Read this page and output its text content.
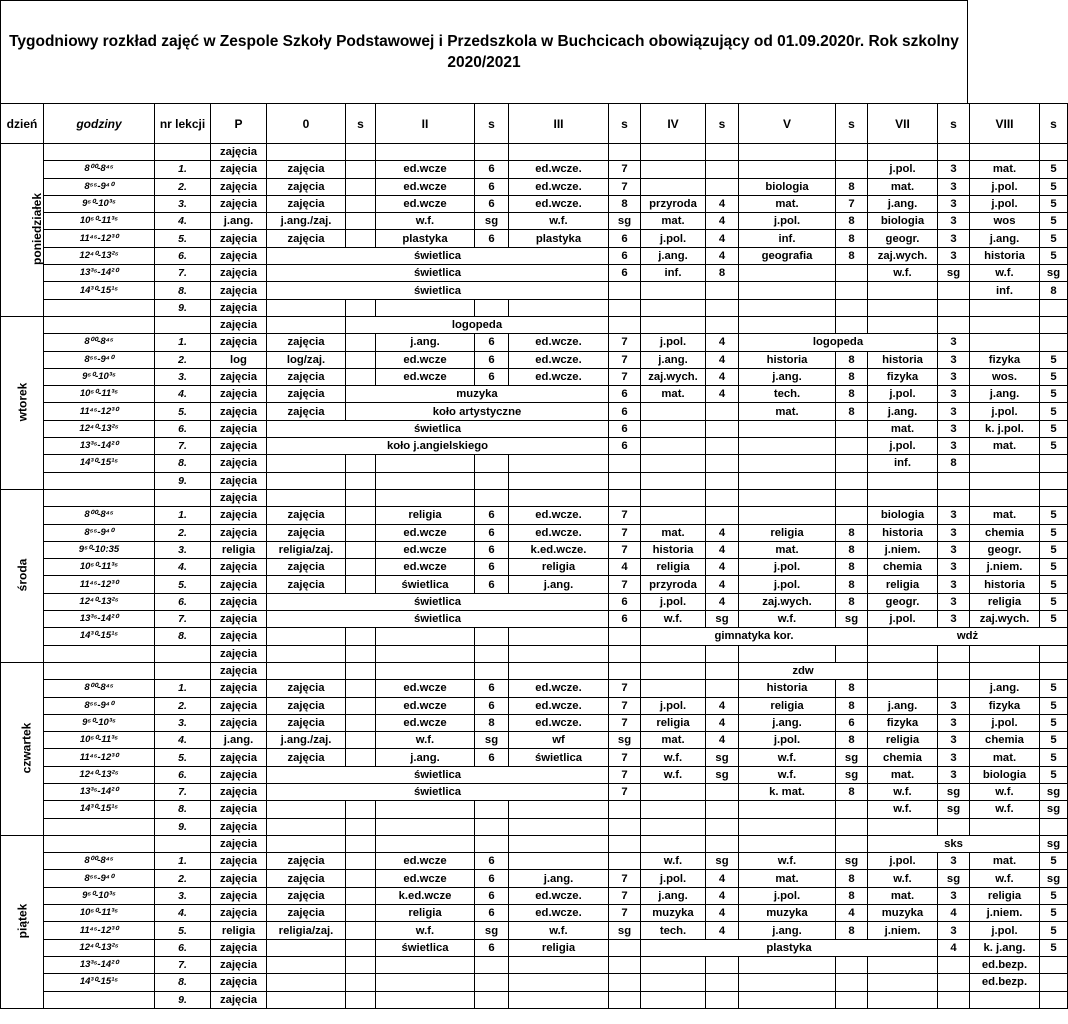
Tygodniowy rozkład zajęć w Zespole Szkoły Podstawowej i Przedszkola w Buchcicach obowiązujący od 01.09.2020r. Rok szkolny 2020/2021
dzień	godziny	nr lekcji	P	0	s	II	s	III	s	IV	s	V	s	VII	s	VIII	s	
poniedziałek			zajęcia															
	8⁰⁰-8⁴⁵	1.	zajęcia	zajęcia		ed.wcze	6	ed.wcze.	7					j.pol.	3	mat.	5	
	8⁵⁵-9⁴⁰	2.	zajęcia	zajęcia		ed.wcze	6	ed.wcze.	7			biologia	8	mat.	3	j.pol.	5	
	9⁵⁰-10³⁵	3.	zajęcia	zajęcia		ed.wcze	6	ed.wcze.	8	przyroda	4	mat.	7	j.ang.	3	j.pol.	5	
	10⁵⁰-11³⁵	4.	j.ang.	j.ang./zaj.		w.f.	sg	w.f.	sg	mat.	4	j.pol.	8	biologia	3	wos	5	
	11⁴⁵-12³⁰	5.	zajęcia	zajęcia		plastyka	6	plastyka	6	j.pol.	4	inf.	8	geogr.	3	j.ang.	5	
	12⁴⁰-13²⁵	6.	zajęcia	świetlica					6	j.ang.	4	geografia	8	zaj.wych.	3	historia	5	
	13³⁵-14²⁰	7.	zajęcia	świetlica					6	inf.	8			w.f.	sg	w.f.	sg	
	14³⁰-15¹⁵	8.	zajęcia	świetlica												inf.	8	
		9.	zajęcia															
wtorek			zajęcia		logopeda													
	8⁰⁰-8⁴⁵	1.	zajęcia	zajęcia		j.ang.	6	ed.wcze.	7	j.pol.	4	logopeda			3			
	8⁵⁵-9⁴⁰	2.	log	log/zaj.		ed.wcze	6	ed.wcze.	7	j.ang.	4	historia	8	historia	3	fizyka	5	
	9⁵⁰-10³⁵	3.	zajęcia	zajęcia		ed.wcze	6	ed.wcze.	7	zaj.wych.	4	j.ang.	8	fizyka	3	wos.	5	
	10⁵⁰-11³⁵	4.	zajęcia	zajęcia	muzyka				6	mat.	4	tech.	8	j.pol.	3	j.ang.	5	
	11⁴⁵-12³⁰	5.	zajęcia	zajęcia	koło artystyczne				6			mat.	8	j.ang.	3	j.pol.	5	
	12⁴⁰-13²⁵	6.	zajęcia	świetlica					6					mat.	3	k. j.pol.	5	
	13³⁵-14²⁰	7.	zajęcia	koło j.angielskiego					6					j.pol.	3	mat.	5	
	14³⁰-15¹⁵	8.	zajęcia											inf.	8			
		9.	zajęcia															
środa			zajęcia															
	8⁰⁰-8⁴⁵	1.	zajęcia	zajęcia		religia	6	ed.wcze.	7					biologia	3	mat.	5	
	8⁵⁵-9⁴⁰	2.	zajęcia	zajęcia		ed.wcze	6	ed.wcze.	7	mat.	4	religia	8	historia	3	chemia	5	
	9⁵⁰-10:35	3.	religia	religia/zaj.		ed.wcze	6	k.ed.wcze.	7	historia	4	mat.	8	j.niem.	3	geogr.	5	
	10⁵⁰-11³⁵	4.	zajęcia	zajęcia		ed.wcze	6	religia	4	religia	4	j.pol.	8	chemia	3	j.niem.	5	
	11⁴⁵-12³⁰	5.	zajęcia	zajęcia		świetlica	6	j.ang.	7	przyroda	4	j.pol.	8	religia	3	historia	5	
	12⁴⁰-13²⁵	6.	zajęcia	świetlica					6	j.pol.	4	zaj.wych.	8	geogr.	3	religia	5	
	13³⁵-14²⁰	7.	zajęcia	świetlica					6	w.f.	sg	w.f.	sg	j.pol.	3	zaj.wych.	5	
	14³⁰-15¹⁵	8.	zajęcia							gimnatyka kor.				wdż				
			zajęcia															
czwartek			zajęcia									zdw						
	8⁰⁰-8⁴⁵	1.	zajęcia	zajęcia		ed.wcze	6	ed.wcze.	7			historia	8			j.ang.	5	
	8⁵⁵-9⁴⁰	2.	zajęcia	zajęcia		ed.wcze	6	ed.wcze.	7	j.pol.	4	religia	8	j.ang.	3	fizyka	5	
	9⁵⁰-10³⁵	3.	zajęcia	zajęcia		ed.wcze	8	ed.wcze.	7	religia	4	j.ang.	6	fizyka	3	j.pol.	5	
	10⁵⁰-11³⁵	4.	j.ang.	j.ang./zaj.		w.f.	sg	wf	sg	mat.	4	j.pol.	8	religia	3	chemia	5	
	11⁴⁵-12³⁰	5.	zajęcia	zajęcia		j.ang.	6	świetlica	7	w.f.	sg	w.f.	sg	chemia	3	mat.	5	
	12⁴⁰-13²⁵	6.	zajęcia	świetlica					7	w.f.	sg	w.f.	sg	mat.	3	biologia	5	
	13³⁵-14²⁰	7.	zajęcia	świetlica					7			k. mat.	8	w.f.	sg	w.f.	sg	
	14³⁰-15¹⁵	8.	zajęcia											w.f.	sg	w.f.	sg	
		9.	zajęcia															
piątek			zajęcia											sks			sg	
	8⁰⁰-8⁴⁵	1.	zajęcia	zajęcia		ed.wcze	6			w.f.	sg	w.f.	sg	j.pol.	3	mat.	5	
	8⁵⁵-9⁴⁰	2.	zajęcia	zajęcia		ed.wcze	6	j.ang.	7	j.pol.	4	mat.	8	w.f.	sg	w.f.	sg	
	9⁵⁰-10³⁵	3.	zajęcia	zajęcia		k.ed.wcze	6	ed.wcze.	7	j.ang.	4	j.pol.	8	mat.	3	religia	5	
	10⁵⁰-11³⁵	4.	zajęcia	zajęcia		religia	6	ed.wcze.	7	muzyka	4	muzyka	4	muzyka	4	j.niem.	5	
	11⁴⁵-12³⁰	5.	religia	religia/zaj.		w.f.	sg	w.f.	sg	tech.	4	j.ang.	8	j.niem.	3	j.pol.	5	
	12⁴⁰-13²⁵	6.	zajęcia			świetlica	6	religia		plastyka					4	k. j.ang.	5	
	13³⁵-14²⁰	7.	zajęcia													ed.bezp.		
	14³⁰-15¹⁵	8.	zajęcia													ed.bezp.		
		9.	zajęcia															
